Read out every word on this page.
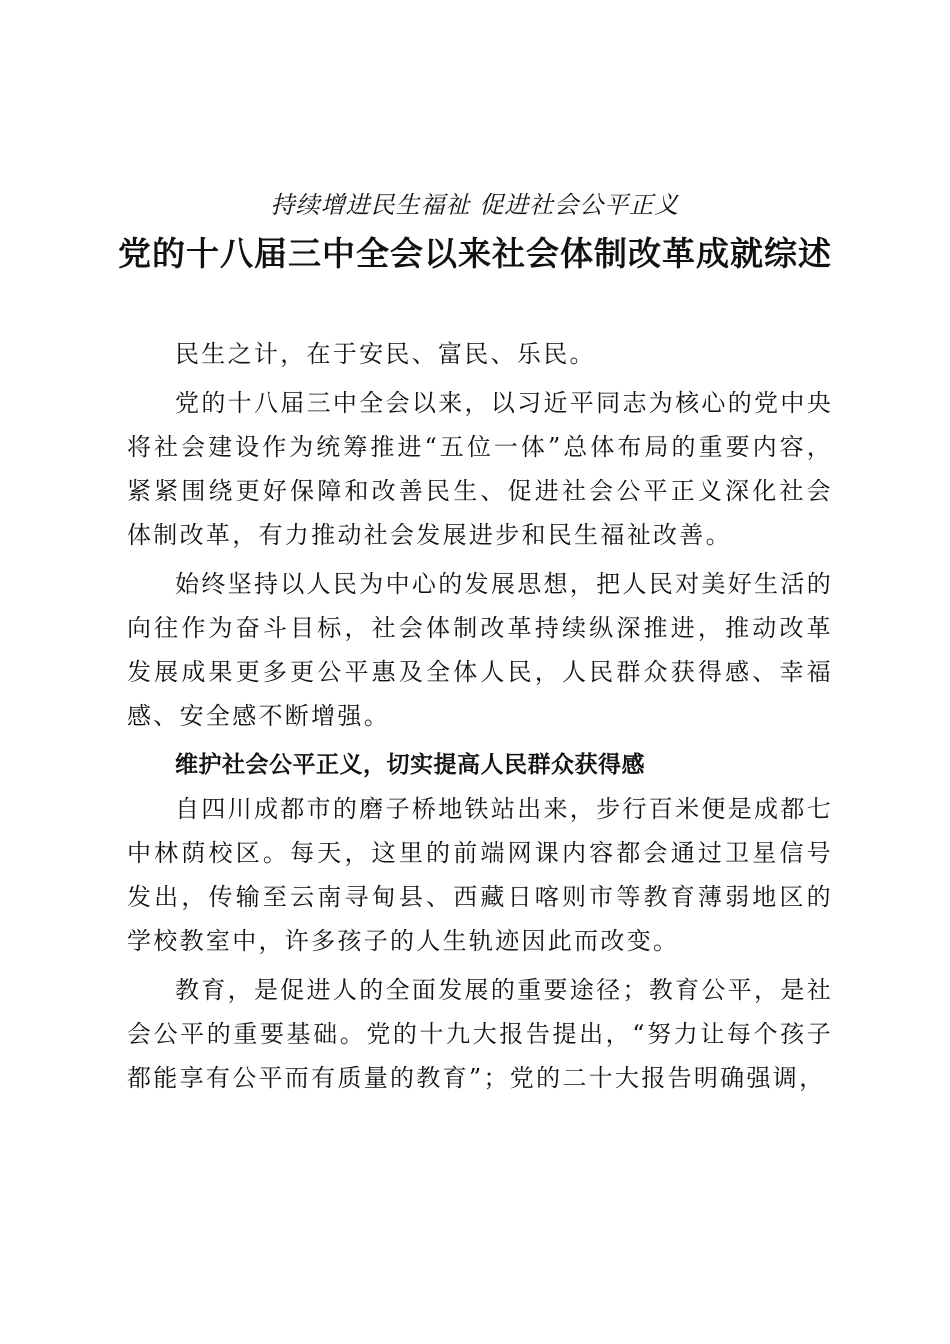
持续增进民生福祉 促进社会公平正义
党的十八届三中全会以来社会体制改革成就综述

民生之计，在于安民、富民、乐民。

党的十八届三中全会以来，以习近平同志为核心的党中央将社会建设作为统筹推进“五位一体”总体布局的重要内容，紧紧围绕更好保障和改善民生、促进社会公平正义深化社会体制改革，有力推动社会发展进步和民生福祉改善。

始终坚持以人民为中心的发展思想，把人民对美好生活的向往作为奋斗目标，社会体制改革持续纵深推进，推动改革发展成果更多更公平惠及全体人民，人民群众获得感、幸福感、安全感不断增强。

维护社会公平正义，切实提高人民群众获得感

自四川成都市的磨子桥地铁站出来，步行百米便是成都七中林荫校区。每天，这里的前端网课内容都会通过卫星信号发出，传输至云南寻甸县、西藏日喀则市等教育薄弱地区的学校教室中，许多孩子的人生轨迹因此而改变。

教育，是促进人的全面发展的重要途径；教育公平，是社会公平的重要基础。党的十九大报告提出，“努力让每个孩子都能享有公平而有质量的教育”；党的二十大报告明确强调，
